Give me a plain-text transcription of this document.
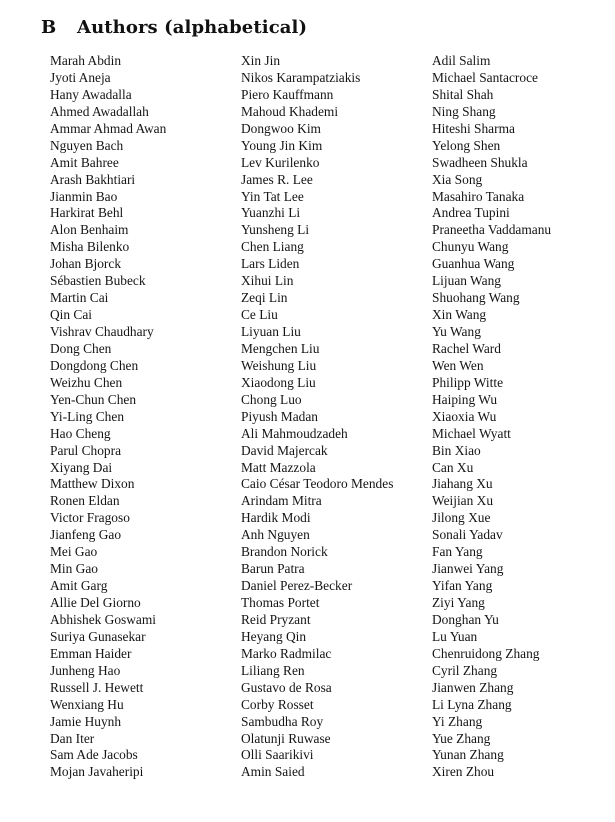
B	Authors (alphabetical)
Marah Abdin
Jyoti Aneja
Hany Awadalla
Ahmed Awadallah
Ammar Ahmad Awan
Nguyen Bach
Amit Bahree
Arash Bakhtiari
Jianmin Bao
Harkirat Behl
Alon Benhaim
Misha Bilenko
Johan Bjorck
Sébastien Bubeck
Martin Cai
Qin Cai
Vishrav Chaudhary
Dong Chen
Dongdong Chen
Weizhu Chen
Yen-Chun Chen
Yi-Ling Chen
Hao Cheng
Parul Chopra
Xiyang Dai
Matthew Dixon
Ronen Eldan
Victor Fragoso
Jianfeng Gao
Mei Gao
Min Gao
Amit Garg
Allie Del Giorno
Abhishek Goswami
Suriya Gunasekar
Emman Haider
Junheng Hao
Russell J. Hewett
Wenxiang Hu
Jamie Huynh
Dan Iter
Sam Ade Jacobs
Mojan Javaheripi
Xin Jin
Nikos Karampatziakis
Piero Kauffmann
Mahoud Khademi
Dongwoo Kim
Young Jin Kim
Lev Kurilenko
James R. Lee
Yin Tat Lee
Yuanzhi Li
Yunsheng Li
Chen Liang
Lars Liden
Xihui Lin
Zeqi Lin
Ce Liu
Liyuan Liu
Mengchen Liu
Weishung Liu
Xiaodong Liu
Chong Luo
Piyush Madan
Ali Mahmoudzadeh
David Majercak
Matt Mazzola
Caio César Teodoro Mendes
Arindam Mitra
Hardik Modi
Anh Nguyen
Brandon Norick
Barun Patra
Daniel Perez-Becker
Thomas Portet
Reid Pryzant
Heyang Qin
Marko Radmilac
Liliang Ren
Gustavo de Rosa
Corby Rosset
Sambudha Roy
Olatunji Ruwase
Olli Saarikivi
Amin Saied
Adil Salim
Michael Santacroce
Shital Shah
Ning Shang
Hiteshi Sharma
Yelong Shen
Swadheen Shukla
Xia Song
Masahiro Tanaka
Andrea Tupini
Praneetha Vaddamanu
Chunyu Wang
Guanhua Wang
Lijuan Wang
Shuohang Wang
Xin Wang
Yu Wang
Rachel Ward
Wen Wen
Philipp Witte
Haiping Wu
Xiaoxia Wu
Michael Wyatt
Bin Xiao
Can Xu
Jiahang Xu
Weijian Xu
Jilong Xue
Sonali Yadav
Fan Yang
Jianwei Yang
Yifan Yang
Ziyi Yang
Donghan Yu
Lu Yuan
Chenruidong Zhang
Cyril Zhang
Jianwen Zhang
Li Lyna Zhang
Yi Zhang
Yue Zhang
Yunan Zhang
Xiren Zhou
